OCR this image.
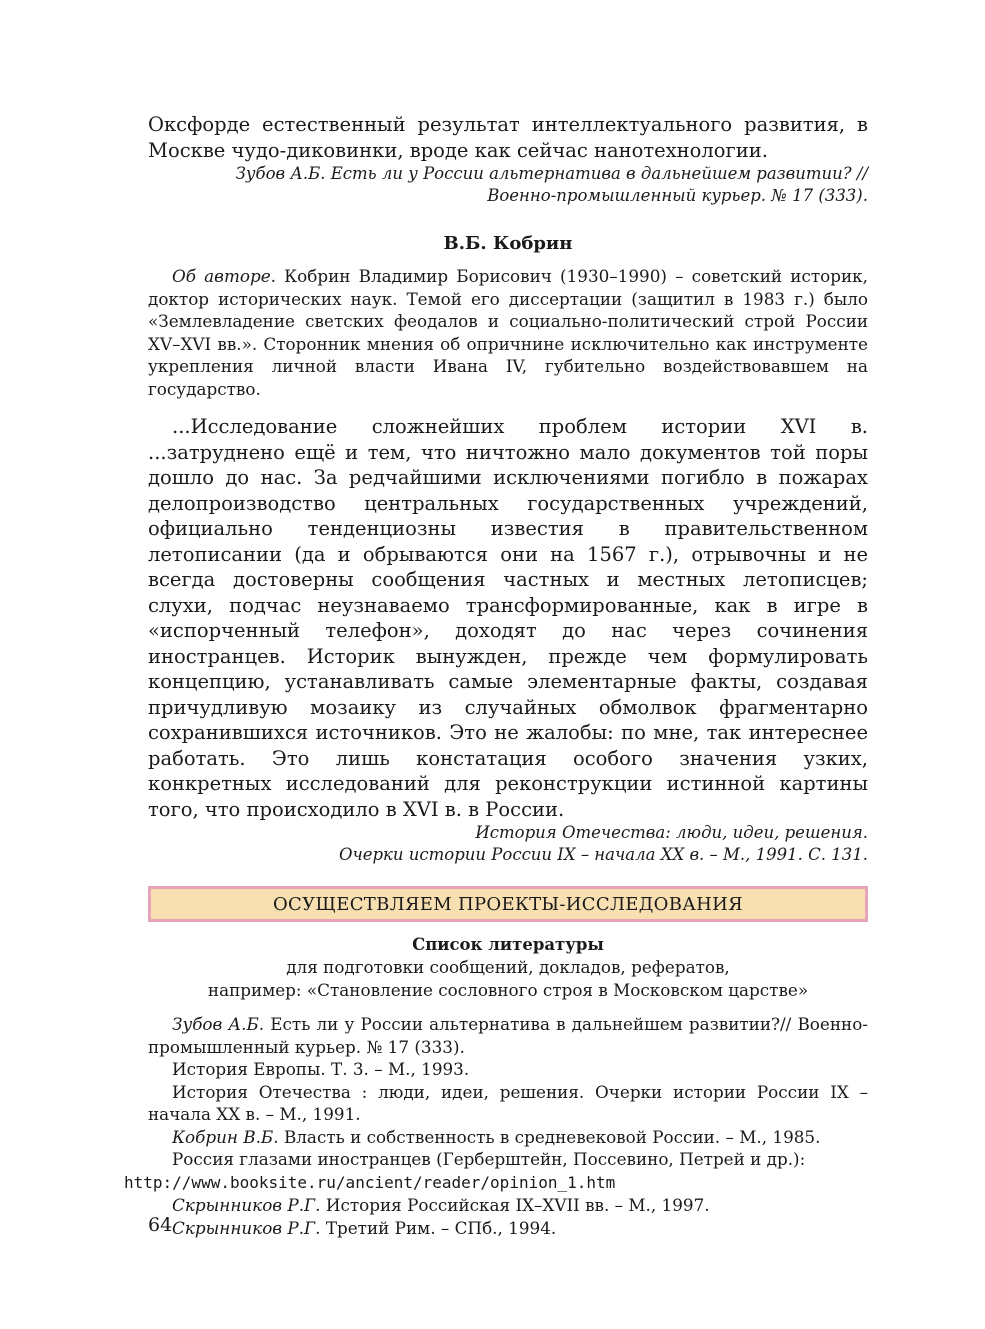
Оксфорде естественный результат интеллектуального развития, в Москве чудо-диковинки, вроде как сейчас нанотехнологии.

Зубов А.Б. Есть ли у России альтернатива в дальнейшем развитии? //

Военно-промышленный курьер. № 17 (333).

В.Б. Кобрин

Об авторе. Кобрин Владимир Борисович (1930–1990) – советский историк, доктор исторических наук. Темой его диссертации (защитил в 1983 г.) было «Землевладение светских феодалов и социально-политический строй России XV–XVI вв.». Сторонник мнения об опричнине исключительно как инструменте укрепления личной власти Ивана IV, губительно воздействовавшем на государство.

...Исследование сложнейших проблем истории XVI в. ...затруднено ещё и тем, что ничтожно мало документов той поры дошло до нас. За редчайшими исключениями погибло в пожарах делопроизводство центральных государственных учреждений, официально тенденциозны известия в правительственном летописании (да и обрываются они на 1567 г.), отрывочны и не всегда достоверны сообщения частных и местных летописцев; слухи, подчас неузнаваемо трансформированные, как в игре в «испорченный телефон», доходят до нас через сочинения иностранцев. Историк вынужден, прежде чем формулировать концепцию, устанавливать самые элементарные факты, создавая причудливую мозаику из случайных обмолвок фрагментарно сохранившихся источников. Это не жалобы: по мне, так интереснее работать. Это лишь констатация особого значения узких, конкретных исследований для реконструкции истинной картины того, что происходило в XVI в. в России.

История Отечества: люди, идеи, решения.

Очерки истории России IX – начала XX в. – М., 1991. С. 131.

ОСУЩЕСТВЛЯЕМ ПРОЕКТЫ-ИССЛЕДОВАНИЯ
Список литературы
для подготовки сообщений, докладов, рефератов,
например: «Становление сословного строя в Московском царстве»

Зубов А.Б. Есть ли у России альтернатива в дальнейшем развитии?// Военно-промышленный курьер. № 17 (333).

История Европы. Т. 3. – М., 1993.

История Отечества : люди, идеи, решения. Очерки истории России IX – начала XX в. – М., 1991.

Кобрин В.Б. Власть и собственность в средневековой России. – М., 1985.

Россия глазами иностранцев (Герберштейн, Поссевино, Петрей и др.):
http://www.booksite.ru/ancient/reader/opinion_1.htm

Скрынников Р.Г. История Российская IX–XVII вв. – М., 1997.

Скрынников Р.Г. Третий Рим. – СПб., 1994.

64
